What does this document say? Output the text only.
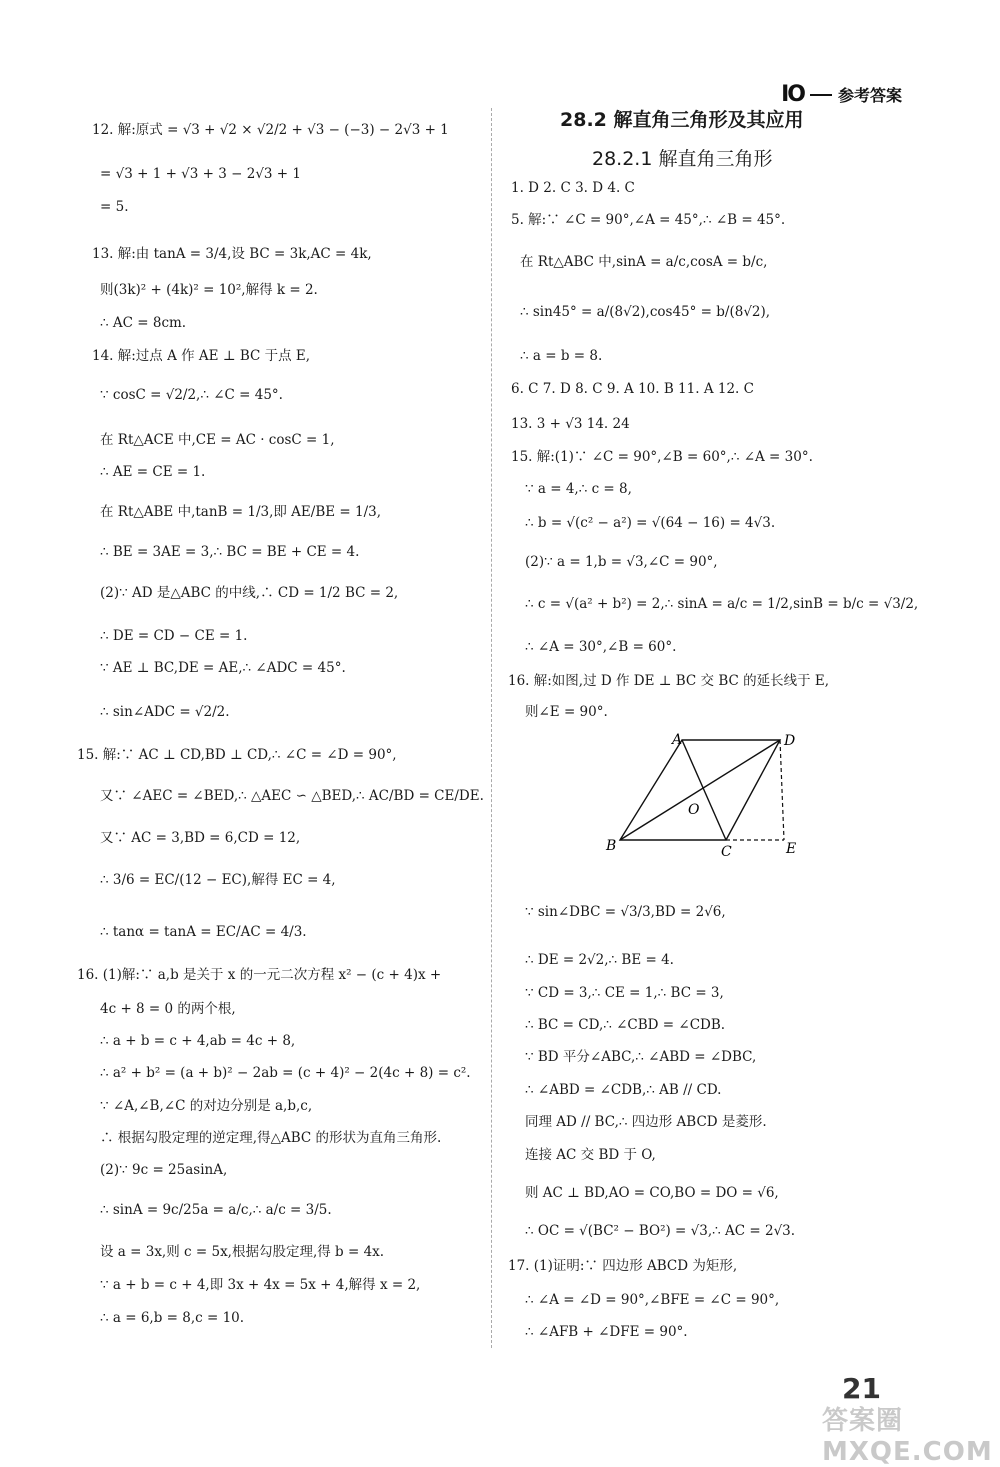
IO 参考答案
12. 解:原式 = √3 + √2 × √2/2 + √3 − (−3) − 2√3 + 1
= √3 + 1 + √3 + 3 − 2√3 + 1
= 5.
13. 解:由 tanA = 3/4,设 BC = 3k,AC = 4k,
则(3k)² + (4k)² = 10²,解得 k = 2.
∴ AC = 8cm.
14. 解:过点 A 作 AE ⊥ BC 于点 E,
∵ cosC = √2/2,∴ ∠C = 45°.
在 Rt△ACE 中,CE = AC · cosC = 1,
∴ AE = CE = 1.
在 Rt△ABE 中,tanB = 1/3,即 AE/BE = 1/3,
∴ BE = 3AE = 3,∴ BC = BE + CE = 4.
(2)∵ AD 是△ABC 的中线,∴ CD = 1/2 BC = 2,
∴ DE = CD − CE = 1.
∵ AE ⊥ BC,DE = AE,∴ ∠ADC = 45°.
∴ sin∠ADC = √2/2.
15. 解:∵ AC ⊥ CD,BD ⊥ CD,∴ ∠C = ∠D = 90°,
又∵ ∠AEC = ∠BED,∴ △AEC ∽ △BED,∴ AC/BD = CE/DE.
又∵ AC = 3,BD = 6,CD = 12,
∴ 3/6 = EC/(12 − EC),解得 EC = 4,
∴ tanα = tanA = EC/AC = 4/3.
16. (1)解:∵ a,b 是关于 x 的一元二次方程 x² − (c + 4)x +
4c + 8 = 0 的两个根,
∴ a + b = c + 4,ab = 4c + 8,
∴ a² + b² = (a + b)² − 2ab = (c + 4)² − 2(4c + 8) = c².
∵ ∠A,∠B,∠C 的对边分别是 a,b,c,
∴ 根据勾股定理的逆定理,得△ABC 的形状为直角三角形.
(2)∵ 9c = 25asinA,
∴ sinA = 9c/25a = a/c,∴ a/c = 3/5.
设 a = 3x,则 c = 5x,根据勾股定理,得 b = 4x.
∵ a + b = c + 4,即 3x + 4x = 5x + 4,解得 x = 2,
∴ a = 6,b = 8,c = 10.
28.2 解直角三角形及其应用
28.2.1 解直角三角形
1. D 2. C 3. D 4. C
5. 解:∵ ∠C = 90°,∠A = 45°,∴ ∠B = 45°.
在 Rt△ABC 中,sinA = a/c,cosA = b/c,
∴ sin45° = a/(8√2),cos45° = b/(8√2),
∴ a = b = 8.
6. C 7. D 8. C 9. A 10. B 11. A 12. C
13. 3 + √3 14. 24
15. 解:(1)∵ ∠C = 90°,∠B = 60°,∴ ∠A = 30°.
∵ a = 4,∴ c = 8,
∴ b = √(c² − a²) = √(64 − 16) = 4√3.
(2)∵ a = 1,b = √3,∠C = 90°,
∴ c = √(a² + b²) = 2,∴ sinA = a/c = 1/2,sinB = b/c = √3/2,
∴ ∠A = 30°,∠B = 60°.
16. 解:如图,过 D 作 DE ⊥ BC 交 BC 的延长线于 E,
则∠E = 90°.
A	D
O
B	C	E
∵ sin∠DBC = √3/3,BD = 2√6,
∴ DE = 2√2,∴ BE = 4.
∵ CD = 3,∴ CE = 1,∴ BC = 3,
∴ BC = CD,∴ ∠CBD = ∠CDB.
∵ BD 平分∠ABC,∴ ∠ABD = ∠DBC,
∴ ∠ABD = ∠CDB,∴ AB // CD.
同理 AD // BC,∴ 四边形 ABCD 是菱形.
连接 AC 交 BD 于 O,
则 AC ⊥ BD,AO = CO,BO = DO = √6,
∴ OC = √(BC² − BO²) = √3,∴ AC = 2√3.
17. (1)证明:∵ 四边形 ABCD 为矩形,
∴ ∠A = ∠D = 90°,∠BFE = ∠C = 90°,
∴ ∠AFB + ∠DFE = 90°.
21
答案圈 MXQE.COM
